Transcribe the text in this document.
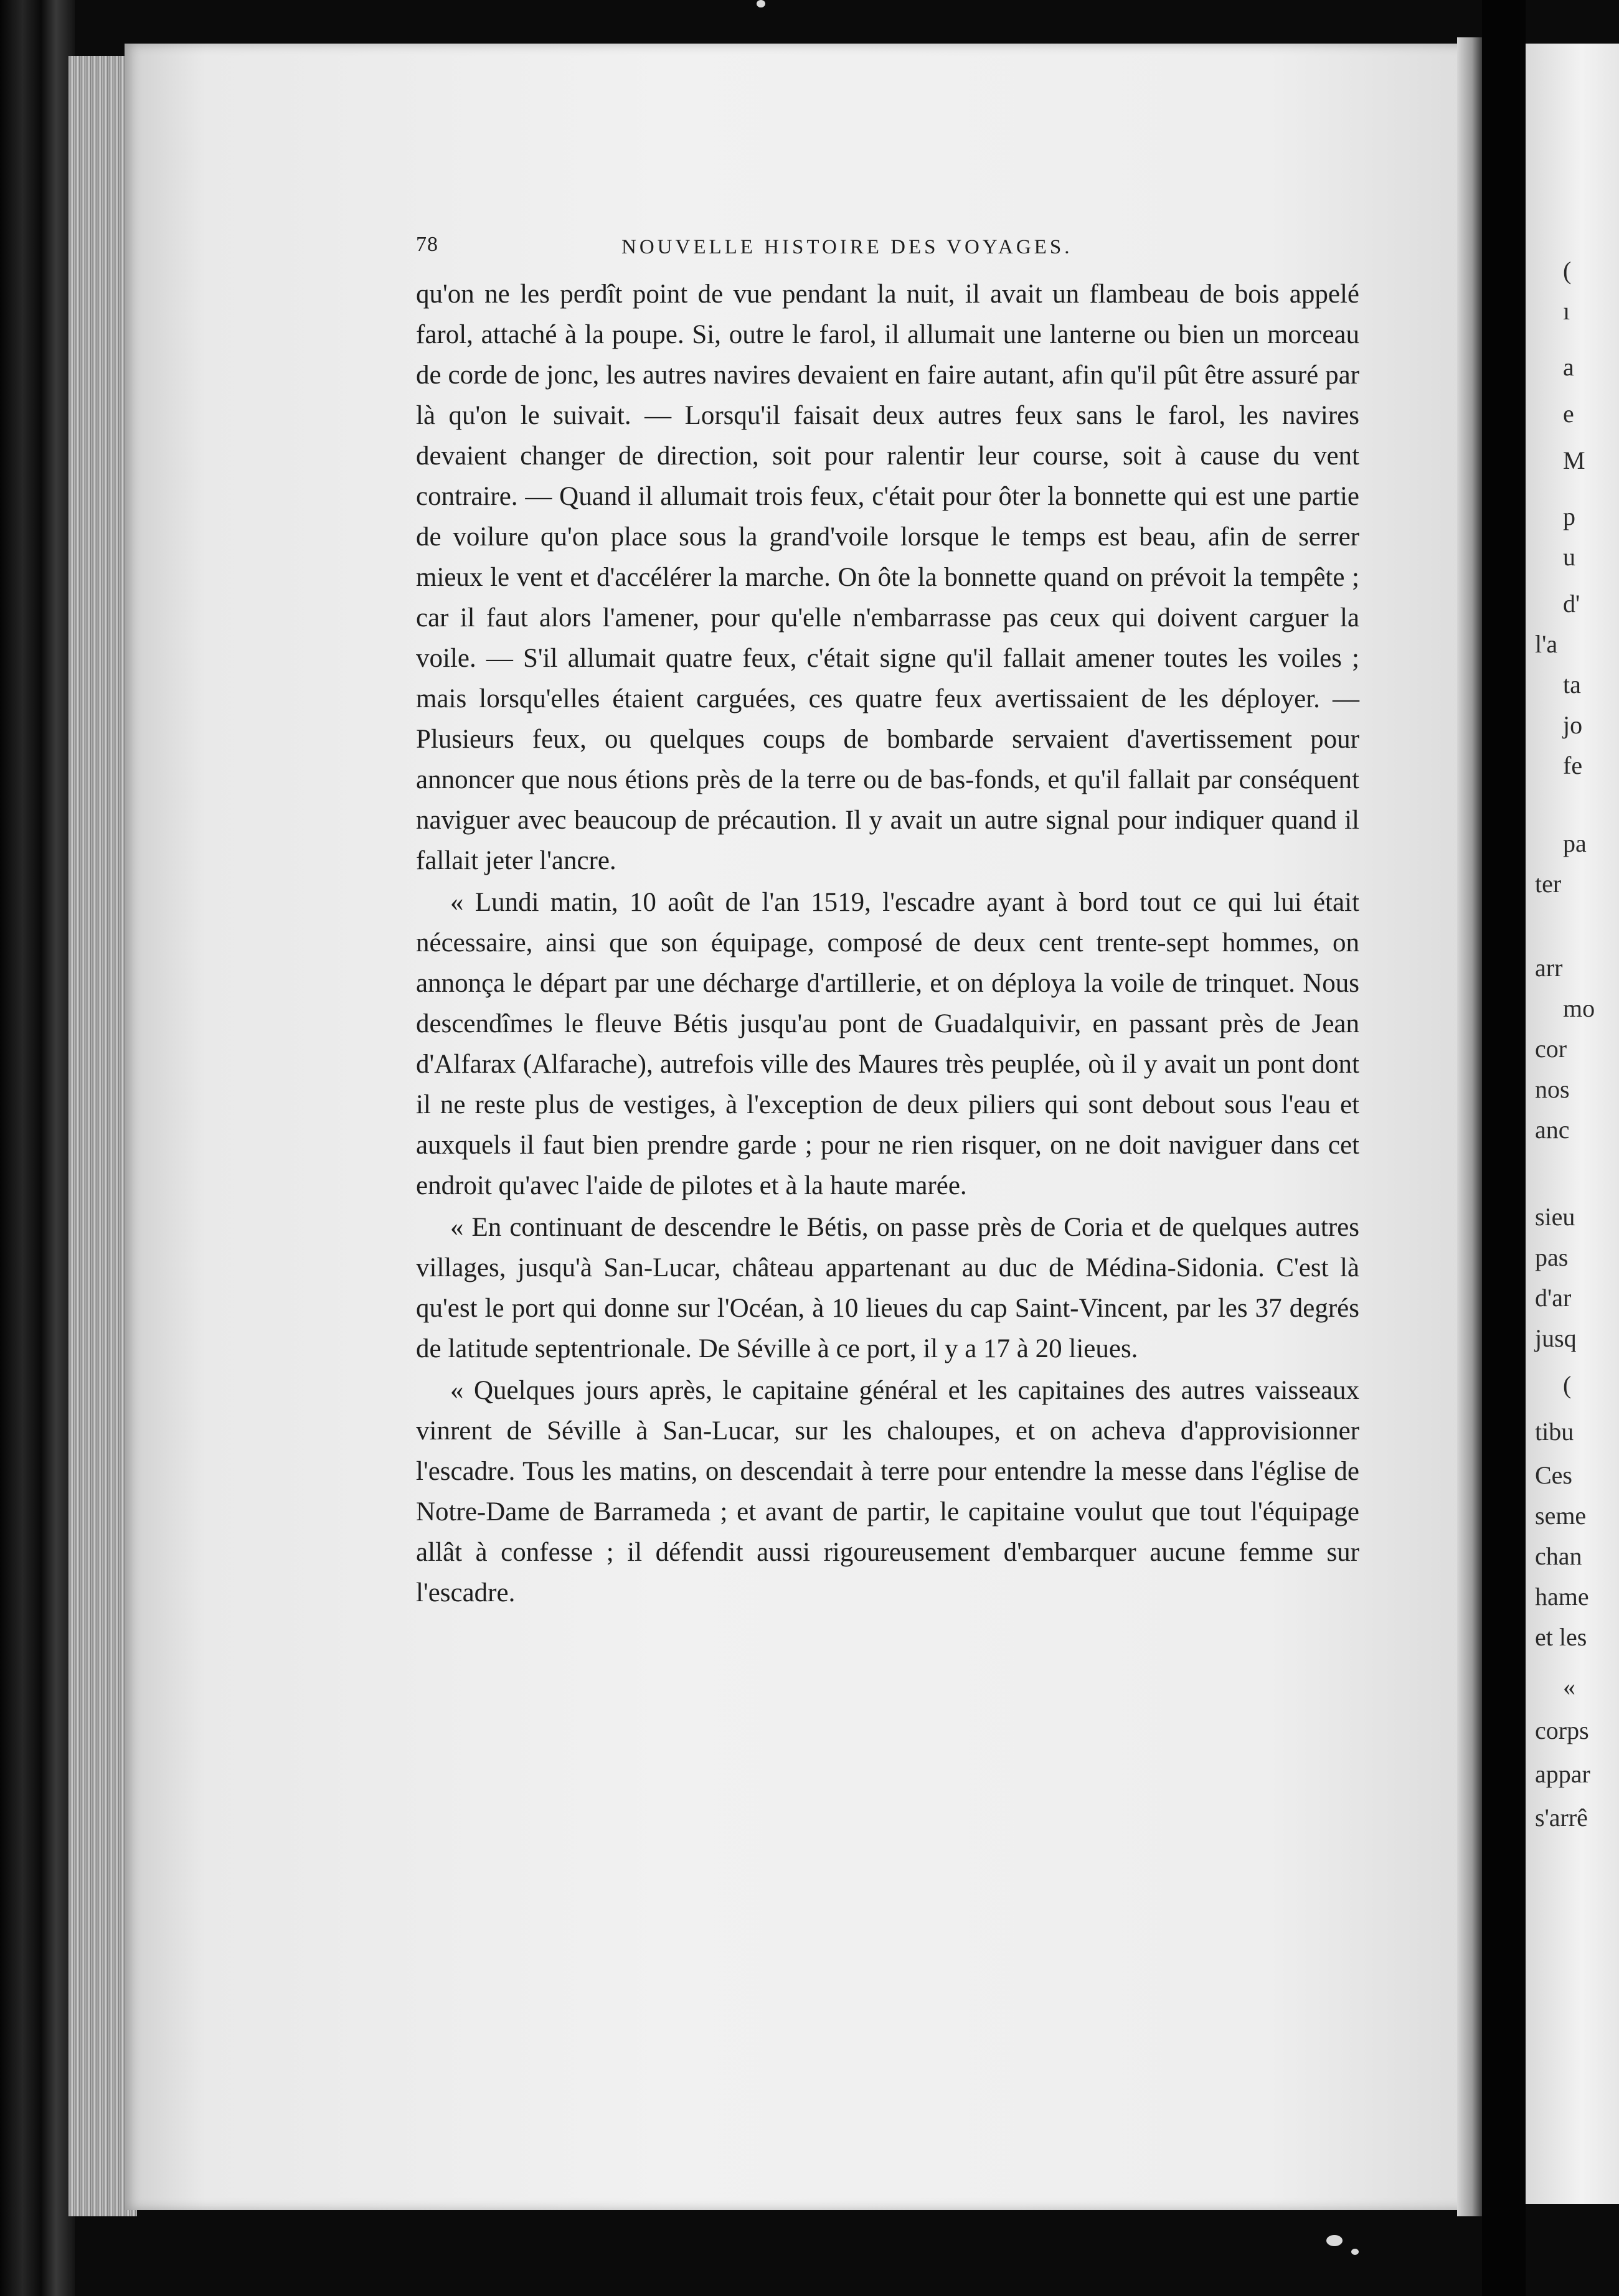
(
ı
a
e
M
p
u
d'
l'a
ta
jo
fe
pa
ter
arr
mo
cor
nos
anc
sieu
pas
d'ar
jusq
(
tibu
Ces
seme
chan
hame
et les
«
corps
appar
s'arrê
78	NOUVELLE HISTOIRE DES VOYAGES.

qu'on ne les perdît point de vue pendant la nuit, il avait un flambeau de bois appelé farol, attaché à la poupe. Si, outre le farol, il allumait une lanterne ou bien un morceau de corde de jonc, les autres navires devaient en faire autant, afin qu'il pût être assuré par là qu'on le suivait. — Lorsqu'il faisait deux autres feux sans le farol, les navires devaient changer de direction, soit pour ralentir leur course, soit à cause du vent contraire. — Quand il allumait trois feux, c'était pour ôter la bonnette qui est une partie de voilure qu'on place sous la grand'voile lorsque le temps est beau, afin de serrer mieux le vent et d'accélérer la marche. On ôte la bonnette quand on prévoit la tempête ; car il faut alors l'amener, pour qu'elle n'embarrasse pas ceux qui doivent carguer la voile. — S'il allumait quatre feux, c'était signe qu'il fallait amener toutes les voiles ; mais lorsqu'elles étaient carguées, ces quatre feux avertissaient de les déployer. — Plusieurs feux, ou quelques coups de bombarde servaient d'avertissement pour annoncer que nous étions près de la terre ou de bas-fonds, et qu'il fallait par conséquent naviguer avec beaucoup de précaution. Il y avait un autre signal pour indiquer quand il fallait jeter l'ancre.

« Lundi matin, 10 août de l'an 1519, l'escadre ayant à bord tout ce qui lui était nécessaire, ainsi que son équipage, composé de deux cent trente-sept hommes, on annonça le départ par une décharge d'artillerie, et on déploya la voile de trinquet. Nous descendîmes le fleuve Bétis jusqu'au pont de Guadalquivir, en passant près de Jean d'Alfarax (Alfarache), autrefois ville des Maures très peuplée, où il y avait un pont dont il ne reste plus de vestiges, à l'exception de deux piliers qui sont debout sous l'eau et auxquels il faut bien prendre garde ; pour ne rien risquer, on ne doit naviguer dans cet endroit qu'avec l'aide de pilotes et à la haute marée.

« En continuant de descendre le Bétis, on passe près de Coria et de quelques autres villages, jusqu'à San-Lucar, château appartenant au duc de Médina-Sidonia. C'est là qu'est le port qui donne sur l'Océan, à 10 lieues du cap Saint-Vincent, par les 37 degrés de latitude septentrionale. De Séville à ce port, il y a 17 à 20 lieues.

« Quelques jours après, le capitaine général et les capitaines des autres vaisseaux vinrent de Séville à San-Lucar, sur les chaloupes, et on acheva d'approvisionner l'escadre. Tous les matins, on descendait à terre pour entendre la messe dans l'église de Notre-Dame de Barrameda ; et avant de partir, le capitaine voulut que tout l'équipage allât à confesse ; il défendit aussi rigoureusement d'embarquer aucune femme sur l'escadre.
